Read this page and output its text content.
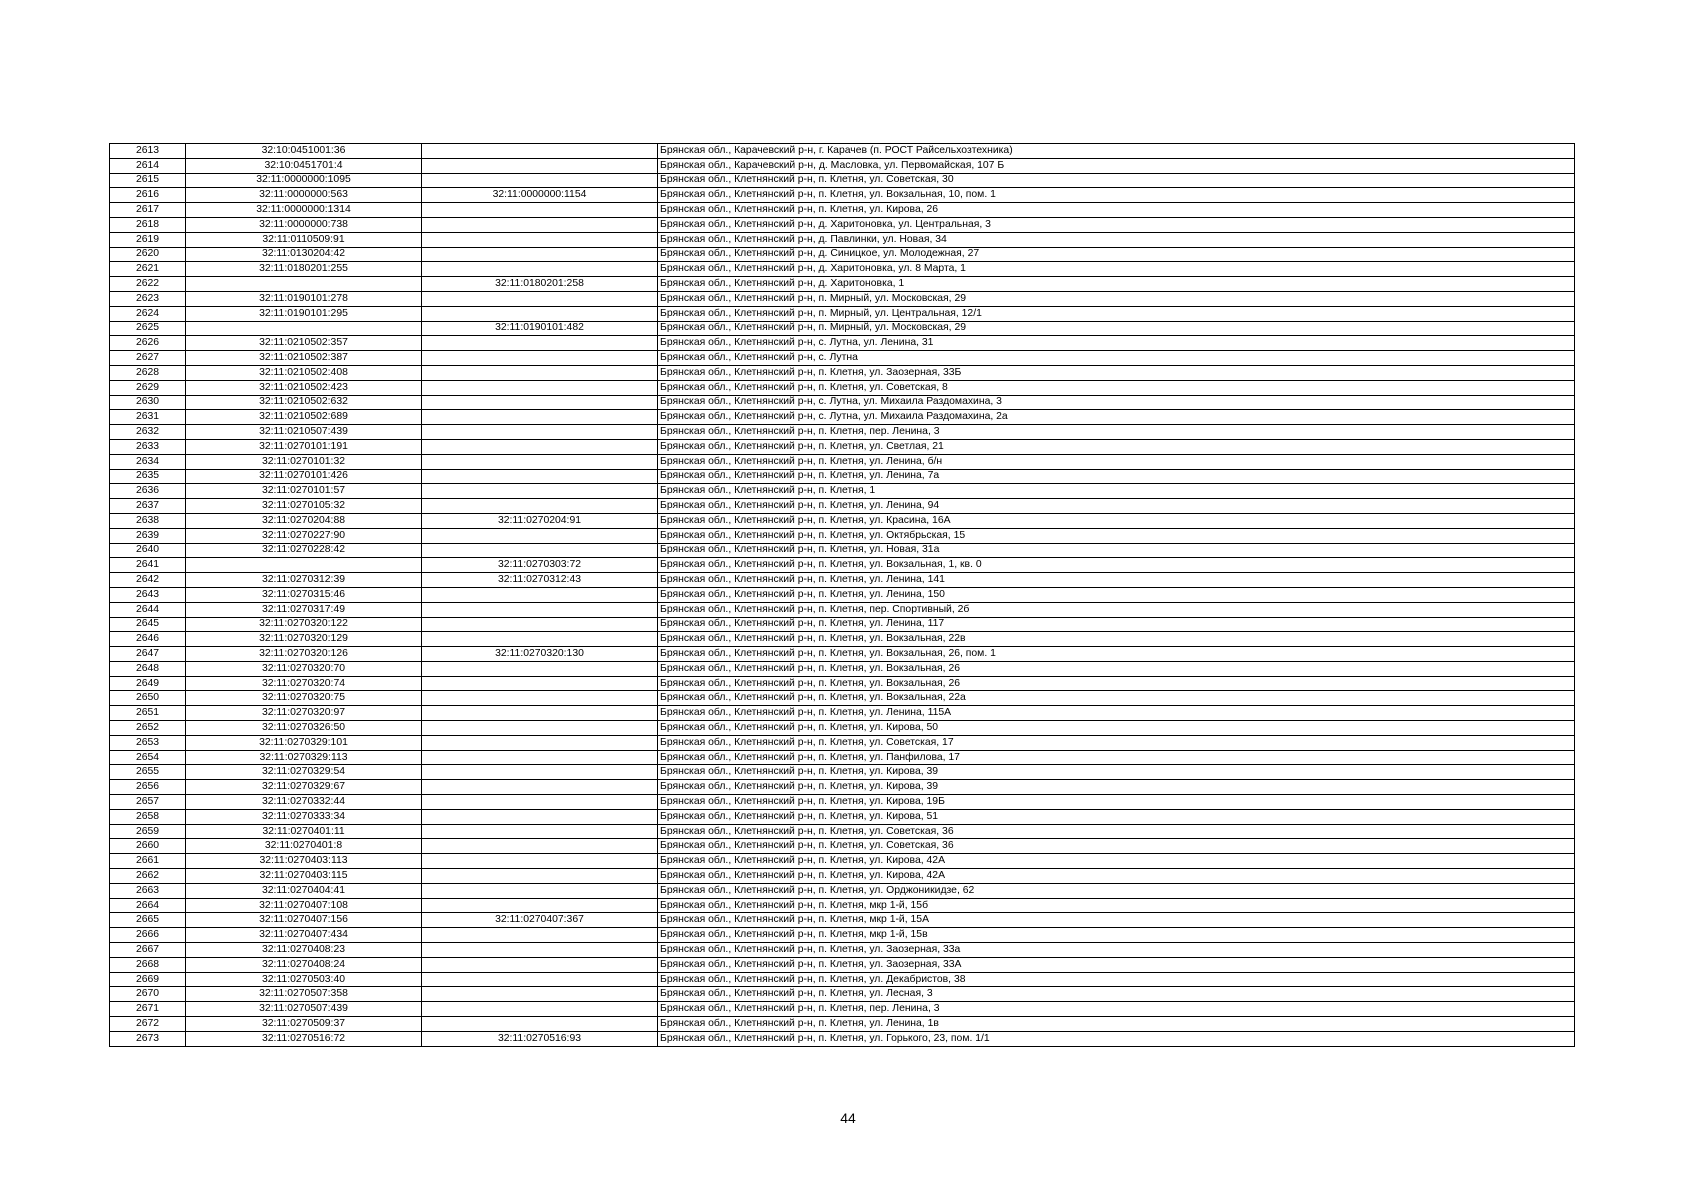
2613	32:10:0451001:36		Брянская обл., Карачевский р-н, г. Карачев (п. РОСТ Райсельхозтехника)
2614	32:10:0451701:4		Брянская обл., Карачевский р-н, д. Масловка, ул. Первомайская, 107 Б
2615	32:11:0000000:1095		Брянская обл., Клетнянский р-н, п. Клетня, ул. Советская, 30
2616	32:11:0000000:563	32:11:0000000:1154	Брянская обл., Клетнянский р-н, п. Клетня, ул. Вокзальная, 10, пом. 1
2617	32:11:0000000:1314		Брянская обл., Клетнянский р-н, п. Клетня, ул. Кирова, 26
2618	32:11:0000000:738		Брянская обл., Клетнянский р-н, д. Харитоновка, ул. Центральная, 3
2619	32:11:0110509:91		Брянская обл., Клетнянский р-н, д. Павлинки, ул. Новая, 34
2620	32:11:0130204:42		Брянская обл., Клетнянский р-н, д. Синицкое, ул. Молодежная, 27
2621	32:11:0180201:255		Брянская обл., Клетнянский р-н, д. Харитоновка, ул. 8 Марта, 1
2622		32:11:0180201:258	Брянская обл., Клетнянский р-н, д. Харитоновка, 1
2623	32:11:0190101:278		Брянская обл., Клетнянский р-н, п. Мирный, ул. Московская, 29
2624	32:11:0190101:295		Брянская обл., Клетнянский р-н, п. Мирный, ул. Центральная, 12/1
2625		32:11:0190101:482	Брянская обл., Клетнянский р-н, п. Мирный, ул. Московская, 29
2626	32:11:0210502:357		Брянская обл., Клетнянский р-н, с. Лутна, ул. Ленина, 31
2627	32:11:0210502:387		Брянская обл., Клетнянский р-н, с. Лутна
2628	32:11:0210502:408		Брянская обл., Клетнянский р-н, п. Клетня, ул. Заозерная, 33Б
2629	32:11:0210502:423		Брянская обл., Клетнянский р-н, п. Клетня, ул. Советская, 8
2630	32:11:0210502:632		Брянская обл., Клетнянский р-н, с. Лутна, ул. Михаила Раздомахина, 3
2631	32:11:0210502:689		Брянская обл., Клетнянский р-н, с. Лутна, ул. Михаила Раздомахина, 2а
2632	32:11:0210507:439		Брянская обл., Клетнянский р-н, п. Клетня, пер. Ленина, 3
2633	32:11:0270101:191		Брянская обл., Клетнянский р-н, п. Клетня, ул. Светлая, 21
2634	32:11:0270101:32		Брянская обл., Клетнянский р-н, п. Клетня, ул. Ленина, б/н
2635	32:11:0270101:426		Брянская обл., Клетнянский р-н, п. Клетня, ул. Ленина, 7а
2636	32:11:0270101:57		Брянская обл., Клетнянский р-н, п. Клетня, 1
2637	32:11:0270105:32		Брянская обл., Клетнянский р-н, п. Клетня, ул. Ленина, 94
2638	32:11:0270204:88	32:11:0270204:91	Брянская обл., Клетнянский р-н, п. Клетня, ул. Красина, 16А
2639	32:11:0270227:90		Брянская обл., Клетнянский р-н, п. Клетня, ул. Октябрьская, 15
2640	32:11:0270228:42		Брянская обл., Клетнянский р-н, п. Клетня, ул. Новая, 31а
2641		32:11:0270303:72	Брянская обл., Клетнянский р-н, п. Клетня, ул. Вокзальная, 1, кв. 0
2642	32:11:0270312:39	32:11:0270312:43	Брянская обл., Клетнянский р-н, п. Клетня, ул. Ленина, 141
2643	32:11:0270315:46		Брянская обл., Клетнянский р-н, п. Клетня, ул. Ленина, 150
2644	32:11:0270317:49		Брянская обл., Клетнянский р-н, п. Клетня, пер. Спортивный, 2б
2645	32:11:0270320:122		Брянская обл., Клетнянский р-н, п. Клетня, ул. Ленина, 117
2646	32:11:0270320:129		Брянская обл., Клетнянский р-н, п. Клетня, ул. Вокзальная, 22в
2647	32:11:0270320:126	32:11:0270320:130	Брянская обл., Клетнянский р-н, п. Клетня, ул. Вокзальная, 26, пом. 1
2648	32:11:0270320:70		Брянская обл., Клетнянский р-н, п. Клетня, ул. Вокзальная, 26
2649	32:11:0270320:74		Брянская обл., Клетнянский р-н, п. Клетня, ул. Вокзальная, 26
2650	32:11:0270320:75		Брянская обл., Клетнянский р-н, п. Клетня, ул. Вокзальная, 22а
2651	32:11:0270320:97		Брянская обл., Клетнянский р-н, п. Клетня, ул. Ленина, 115А
2652	32:11:0270326:50		Брянская обл., Клетнянский р-н, п. Клетня, ул. Кирова, 50
2653	32:11:0270329:101		Брянская обл., Клетнянский р-н, п. Клетня, ул. Советская, 17
2654	32:11:0270329:113		Брянская обл., Клетнянский р-н, п. Клетня, ул. Панфилова, 17
2655	32:11:0270329:54		Брянская обл., Клетнянский р-н, п. Клетня, ул. Кирова, 39
2656	32:11:0270329:67		Брянская обл., Клетнянский р-н, п. Клетня, ул. Кирова, 39
2657	32:11:0270332:44		Брянская обл., Клетнянский р-н, п. Клетня, ул. Кирова, 19Б
2658	32:11:0270333:34		Брянская обл., Клетнянский р-н, п. Клетня, ул. Кирова, 51
2659	32:11:0270401:11		Брянская обл., Клетнянский р-н, п. Клетня, ул. Советская, 36
2660	32:11:0270401:8		Брянская обл., Клетнянский р-н, п. Клетня, ул. Советская, 36
2661	32:11:0270403:113		Брянская обл., Клетнянский р-н, п. Клетня, ул. Кирова, 42А
2662	32:11:0270403:115		Брянская обл., Клетнянский р-н, п. Клетня, ул. Кирова, 42А
2663	32:11:0270404:41		Брянская обл., Клетнянский р-н, п. Клетня, ул. Орджоникидзе, 62
2664	32:11:0270407:108		Брянская обл., Клетнянский р-н, п. Клетня, мкр 1-й, 15б
2665	32:11:0270407:156	32:11:0270407:367	Брянская обл., Клетнянский р-н, п. Клетня, мкр 1-й, 15А
2666	32:11:0270407:434		Брянская обл., Клетнянский р-н, п. Клетня, мкр 1-й, 15в
2667	32:11:0270408:23		Брянская обл., Клетнянский р-н, п. Клетня, ул. Заозерная, 33а
2668	32:11:0270408:24		Брянская обл., Клетнянский р-н, п. Клетня, ул. Заозерная, 33А
2669	32:11:0270503:40		Брянская обл., Клетнянский р-н, п. Клетня, ул. Декабристов, 38
2670	32:11:0270507:358		Брянская обл., Клетнянский р-н, п. Клетня, ул. Лесная, 3
2671	32:11:0270507:439		Брянская обл., Клетнянский р-н, п. Клетня, пер. Ленина, 3
2672	32:11:0270509:37		Брянская обл., Клетнянский р-н, п. Клетня, ул. Ленина, 1в
2673	32:11:0270516:72	32:11:0270516:93	Брянская обл., Клетнянский р-н, п. Клетня, ул. Горького, 23, пом. 1/1
44
